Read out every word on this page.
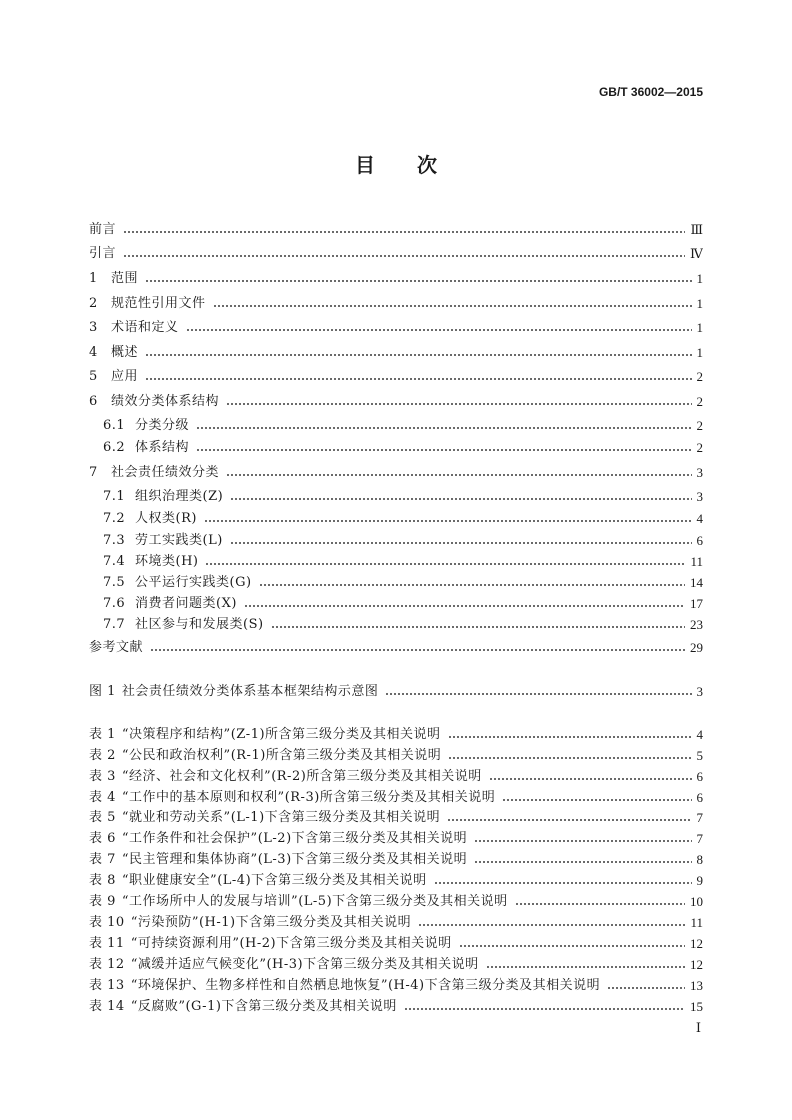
GB/T 36002—2015
目次
前言	Ⅲ
引言	Ⅳ
1	范围	1
2	规范性引用文件	1
3	术语和定义	1
4	概述	1
5	应用	2
6	绩效分类体系结构	2
6.1 分类分级	2
6.2 体系结构	2
7	社会责任绩效分类	3
7.1 组织治理类(Z)	3
7.2 人权类(R)	4
7.3 劳工实践类(L)	6
7.4 环境类(H)	11
7.5 公平运行实践类(G)	14
7.6 消费者问题类(X)	17
7.7 社区参与和发展类(S)	23
参考文献	29
图 1 社会责任绩效分类体系基本框架结构示意图	3
表 1 “决策程序和结构”(Z-1)所含第三级分类及其相关说明	4
表 2 “公民和政治权利”(R-1)所含第三级分类及其相关说明	5
表 3 “经济、社会和文化权利”(R-2)所含第三级分类及其相关说明	6
表 4 “工作中的基本原则和权利”(R-3)所含第三级分类及其相关说明	6
表 5 “就业和劳动关系”(L-1)下含第三级分类及其相关说明	7
表 6 “工作条件和社会保护”(L-2)下含第三级分类及其相关说明	7
表 7 “民主管理和集体协商”(L-3)下含第三级分类及其相关说明	8
表 8 “职业健康安全”(L-4)下含第三级分类及其相关说明	9
表 9 “工作场所中人的发展与培训”(L-5)下含第三级分类及其相关说明	10
表 10 “污染预防”(H-1)下含第三级分类及其相关说明	11
表 11 “可持续资源利用”(H-2)下含第三级分类及其相关说明	12
表 12 “减缓并适应气候变化”(H-3)下含第三级分类及其相关说明	12
表 13 “环境保护、生物多样性和自然栖息地恢复”(H-4)下含第三级分类及其相关说明	13
表 14 “反腐败”(G-1)下含第三级分类及其相关说明	15
Ⅰ
